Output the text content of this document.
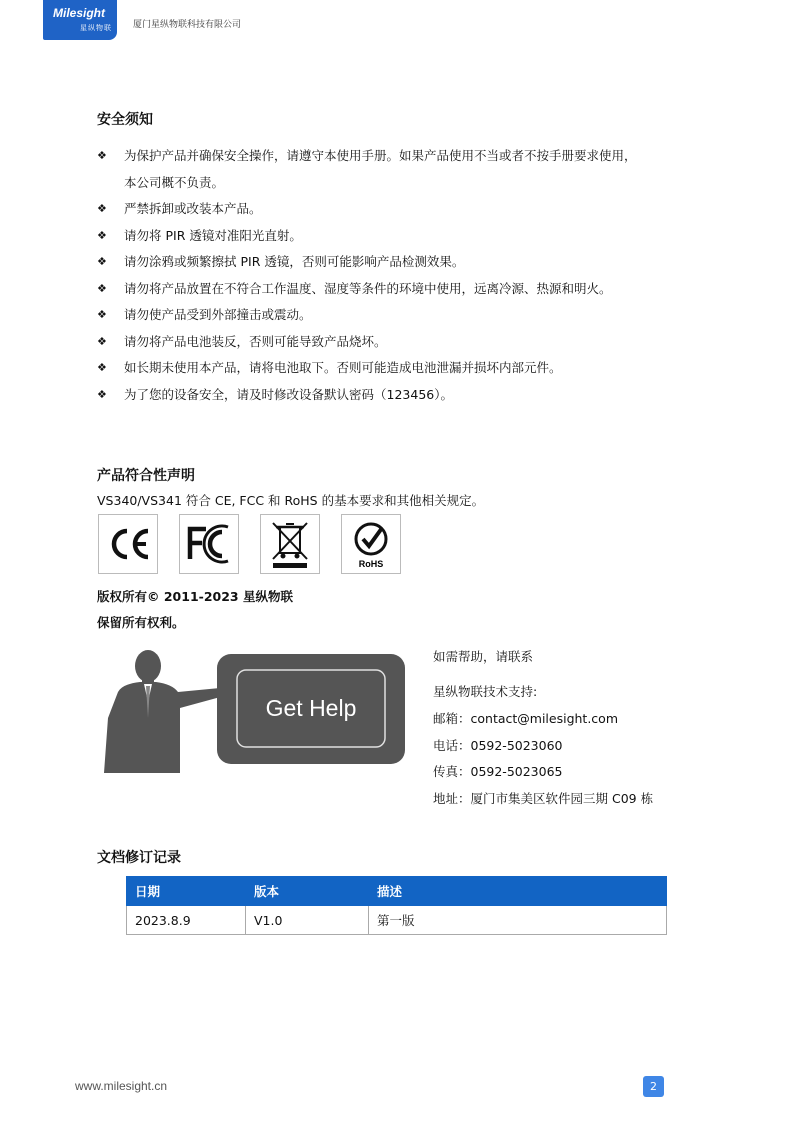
Milesight
星纵物联 厦门星纵物联科技有限公司
安全须知
❖ 为保护产品并确保安全操作，请遵守本使用手册。如果产品使用不当或者不按手册要求使用，
本公司概不负责。
❖ 严禁拆卸或改装本产品。
❖ 请勿将 PIR 透镜对准阳光直射。
❖ 请勿涂鸦或频繁擦拭 PIR 透镜，否则可能影响产品检测效果。
❖ 请勿将产品放置在不符合工作温度、湿度等条件的环境中使用，远离冷源、热源和明火。
❖ 请勿使产品受到外部撞击或震动。
❖ 请勿将产品电池装反，否则可能导致产品烧坏。
❖ 如长期未使用本产品，请将电池取下。否则可能造成电池泄漏并损坏内部元件。
❖ 为了您的设备安全，请及时修改设备默认密码（123456）。
产品符合性声明
VS340/VS341 符合 CE, FCC 和 RoHS 的基本要求和其他相关规定。
RoHS
版权所有© 2011-2023 星纵物联
保留所有权利。
Get Help
如需帮助，请联系
星纵物联技术支持:
邮箱：contact@milesight.com
电话：0592-5023060
传真：0592-5023065
地址：厦门市集美区软件园三期 C09 栋
文档修订记录
日期	版本	描述
2023.8.9	V1.0	第一版
www.milesight.cn	2
